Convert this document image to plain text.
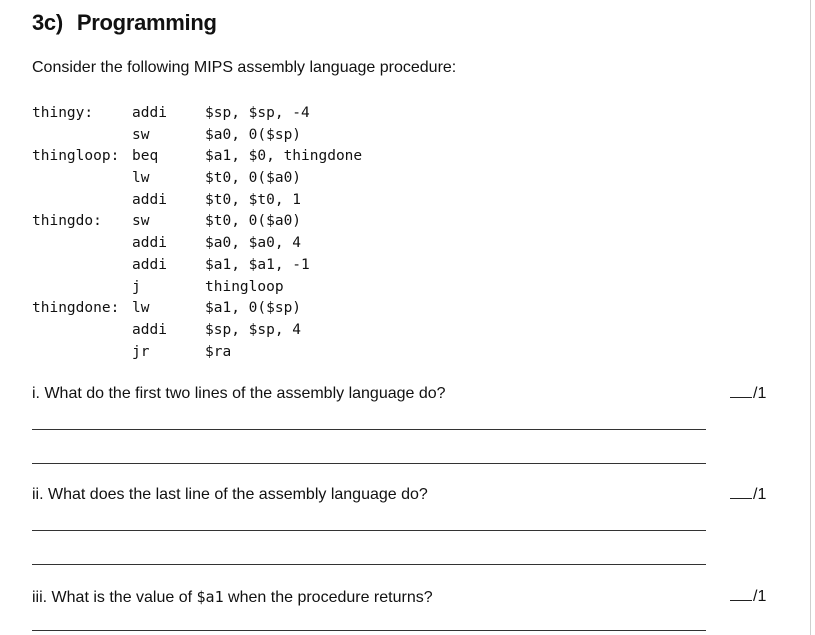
3c) Programming
Consider the following MIPS assembly language procedure:
thingy:	addi	$sp, $sp, -4
sw	$a0, 0($sp)
thingloop: beq	$a1, $0, thingdone
lw	$t0, 0($a0)
addi	$t0, $t0, 1
thingdo: sw	$t0, 0($a0)
addi	$a0, $a0, 4
addi	$a1, $a1, -1
j	thingloop
thingdone: lw	$a1, 0($sp)
addi	$sp, $sp, 4
jr	$ra
i. What do the first two lines of the assembly language do?	/1
ii. What does the last line of the assembly language do?	/1
iii. What is the value of $a1 when the procedure returns?	/1
